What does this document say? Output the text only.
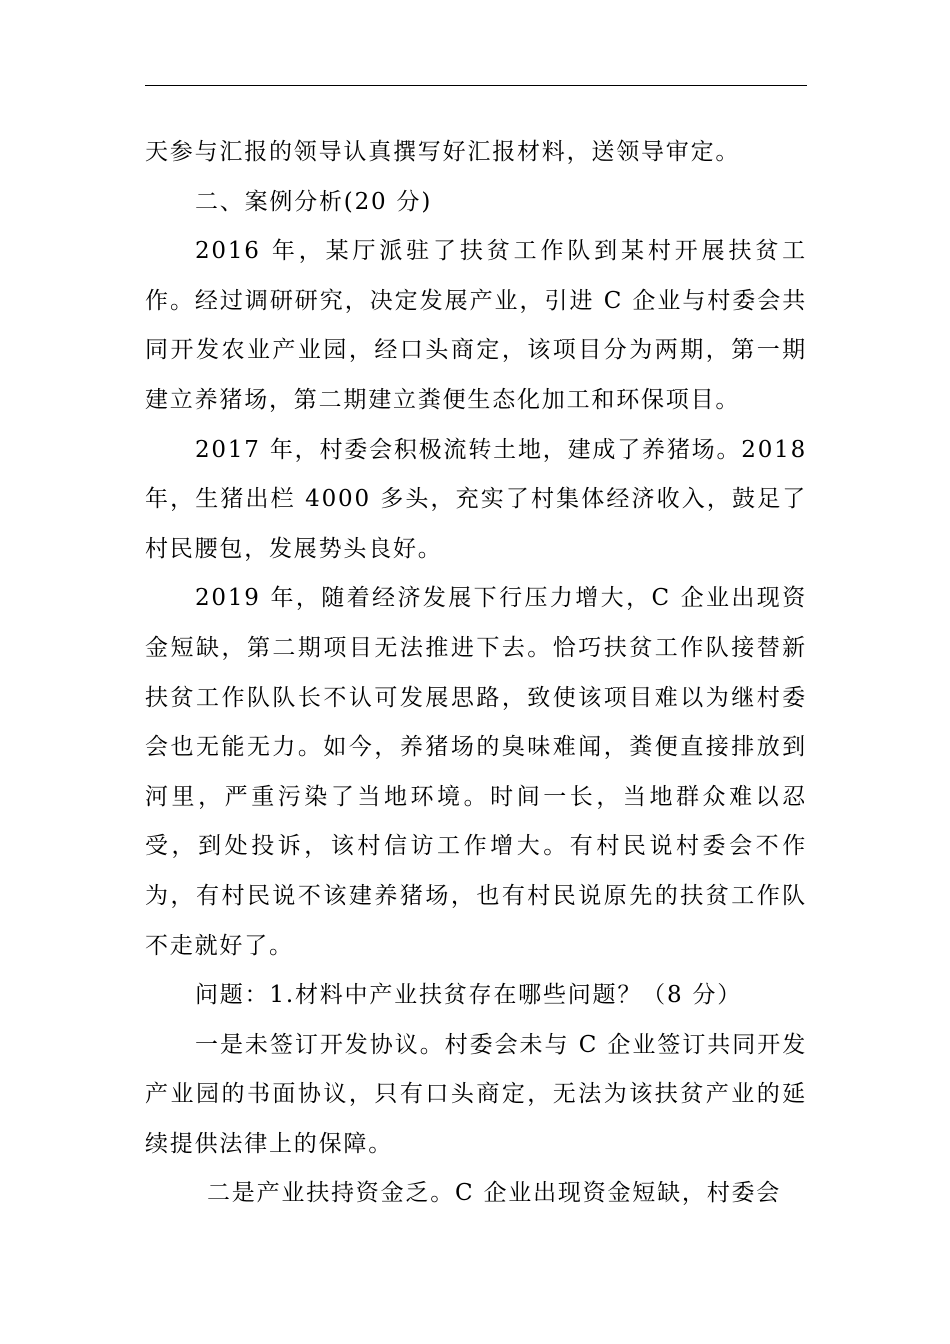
天参与汇报的领导认真撰写好汇报材料，送领导审定。

二、案例分析(20 分)

2016 年，某厅派驻了扶贫工作队到某村开展扶贫工作。经过调研研究，决定发展产业，引进 C 企业与村委会共同开发农业产业园，经口头商定，该项目分为两期，第一期建立养猪场，第二期建立粪便生态化加工和环保项目。

2017 年，村委会积极流转土地，建成了养猪场。2018 年，生猪出栏 4000 多头，充实了村集体经济收入，鼓足了村民腰包，发展势头良好。

2019 年，随着经济发展下行压力增大，C 企业出现资金短缺，第二期项目无法推进下去。恰巧扶贫工作队接替新扶贫工作队队长不认可发展思路，致使该项目难以为继村委会也无能无力。如今，养猪场的臭味难闻，粪便直接排放到河里，严重污染了当地环境。时间一长，当地群众难以忍受，到处投诉，该村信访工作增大。有村民说村委会不作为，有村民说不该建养猪场，也有村民说原先的扶贫工作队不走就好了。

问题：1.材料中产业扶贫存在哪些问题？（8 分）

一是未签订开发协议。村委会未与 C 企业签订共同开发产业园的书面协议，只有口头商定，无法为该扶贫产业的延续提供法律上的保障。

二是产业扶持资金乏。C 企业出现资金短缺，村委会
